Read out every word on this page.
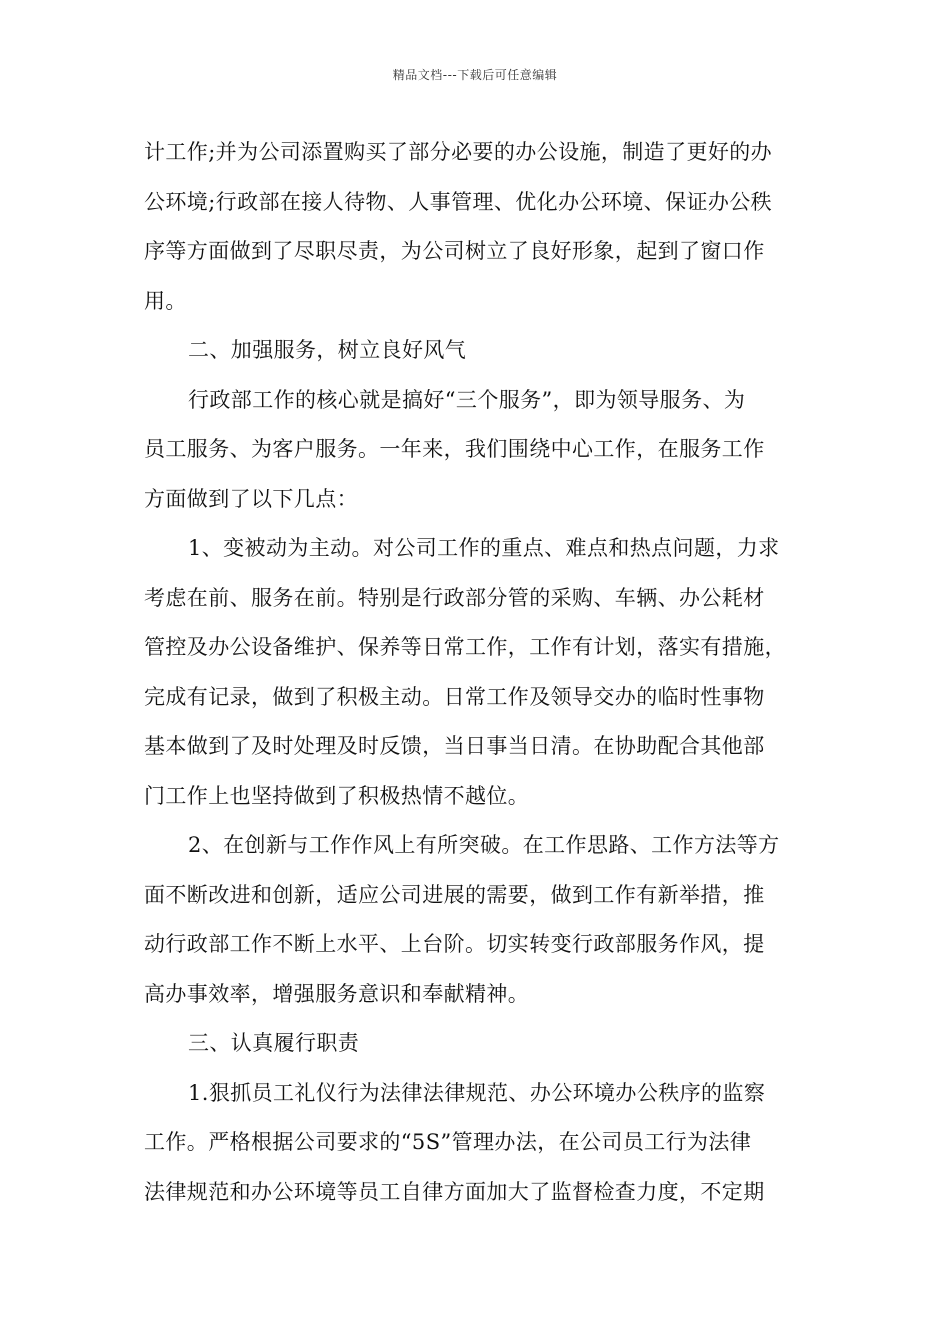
精品文档---下载后可任意编辑

计工作;并为公司添置购买了部分必要的办公设施，制造了更好的办
公环境;行政部在接人待物、人事管理、优化办公环境、保证办公秩
序等方面做到了尽职尽责，为公司树立了良好形象，起到了窗口作
用。

二、加强服务，树立良好风气

行政部工作的核心就是搞好“三个服务”，即为领导服务、为
员工服务、为客户服务。一年来，我们围绕中心工作，在服务工作
方面做到了以下几点：

1、变被动为主动。对公司工作的重点、难点和热点问题，力求
考虑在前、服务在前。特别是行政部分管的采购、车辆、办公耗材
管控及办公设备维护、保养等日常工作，工作有计划，落实有措施，
完成有记录，做到了积极主动。日常工作及领导交办的临时性事物
基本做到了及时处理及时反馈，当日事当日清。在协助配合其他部
门工作上也坚持做到了积极热情不越位。

2、在创新与工作作风上有所突破。在工作思路、工作方法等方
面不断改进和创新，适应公司进展的需要，做到工作有新举措，推
动行政部工作不断上水平、上台阶。切实转变行政部服务作风，提
高办事效率，增强服务意识和奉献精神。

三、认真履行职责

1.狠抓员工礼仪行为法律法律规范、办公环境办公秩序的监察
工作。严格根据公司要求的“5S”管理办法，在公司员工行为法律
法律规范和办公环境等员工自律方面加大了监督检查力度，不定期
